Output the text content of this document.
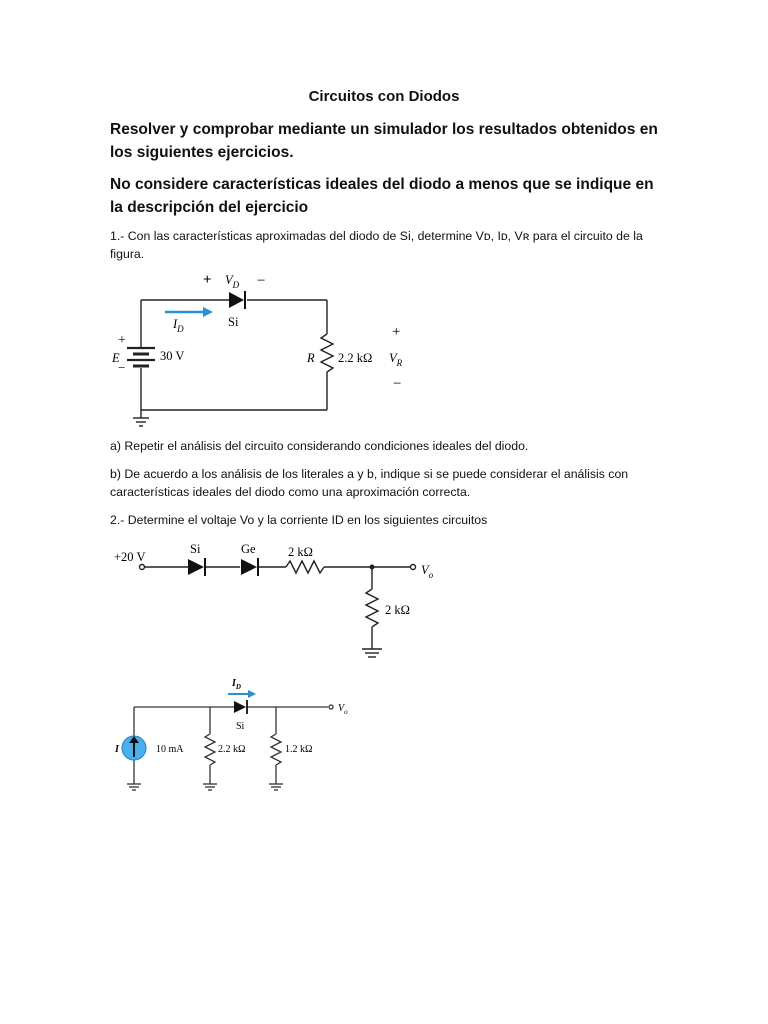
Circuitos con Diodos
Resolver y comprobar mediante un simulador los resultados obtenidos en los siguientes ejercicios.
No considere características ideales del diodo a menos que se indique en la descripción del ejercicio
1.- Con las características aproximadas del diodo de Si, determine Vᴅ, Iᴅ, Vʀ para el circuito de la figura.
+ $V_D$ −
$I_D$	Si
+
E
−
30 V	R 2.2 kΩ $V_R$
+
−
a) Repetir el análisis del circuito considerando condiciones ideales del diodo.
b) De acuerdo a los análisis de los literales a y b, indique si se puede considerar el análisis con características ideales del diodo como una aproximación correcta.
2.- Determine el voltaje Vo y la corriente ID en los siguientes circuitos
+20 V
Si	Ge	2 kΩ
2 kΩ
$V_o$
$I_D$
Si
I	10 mA	2.2 kΩ	1.2 kΩ
$V_o$
